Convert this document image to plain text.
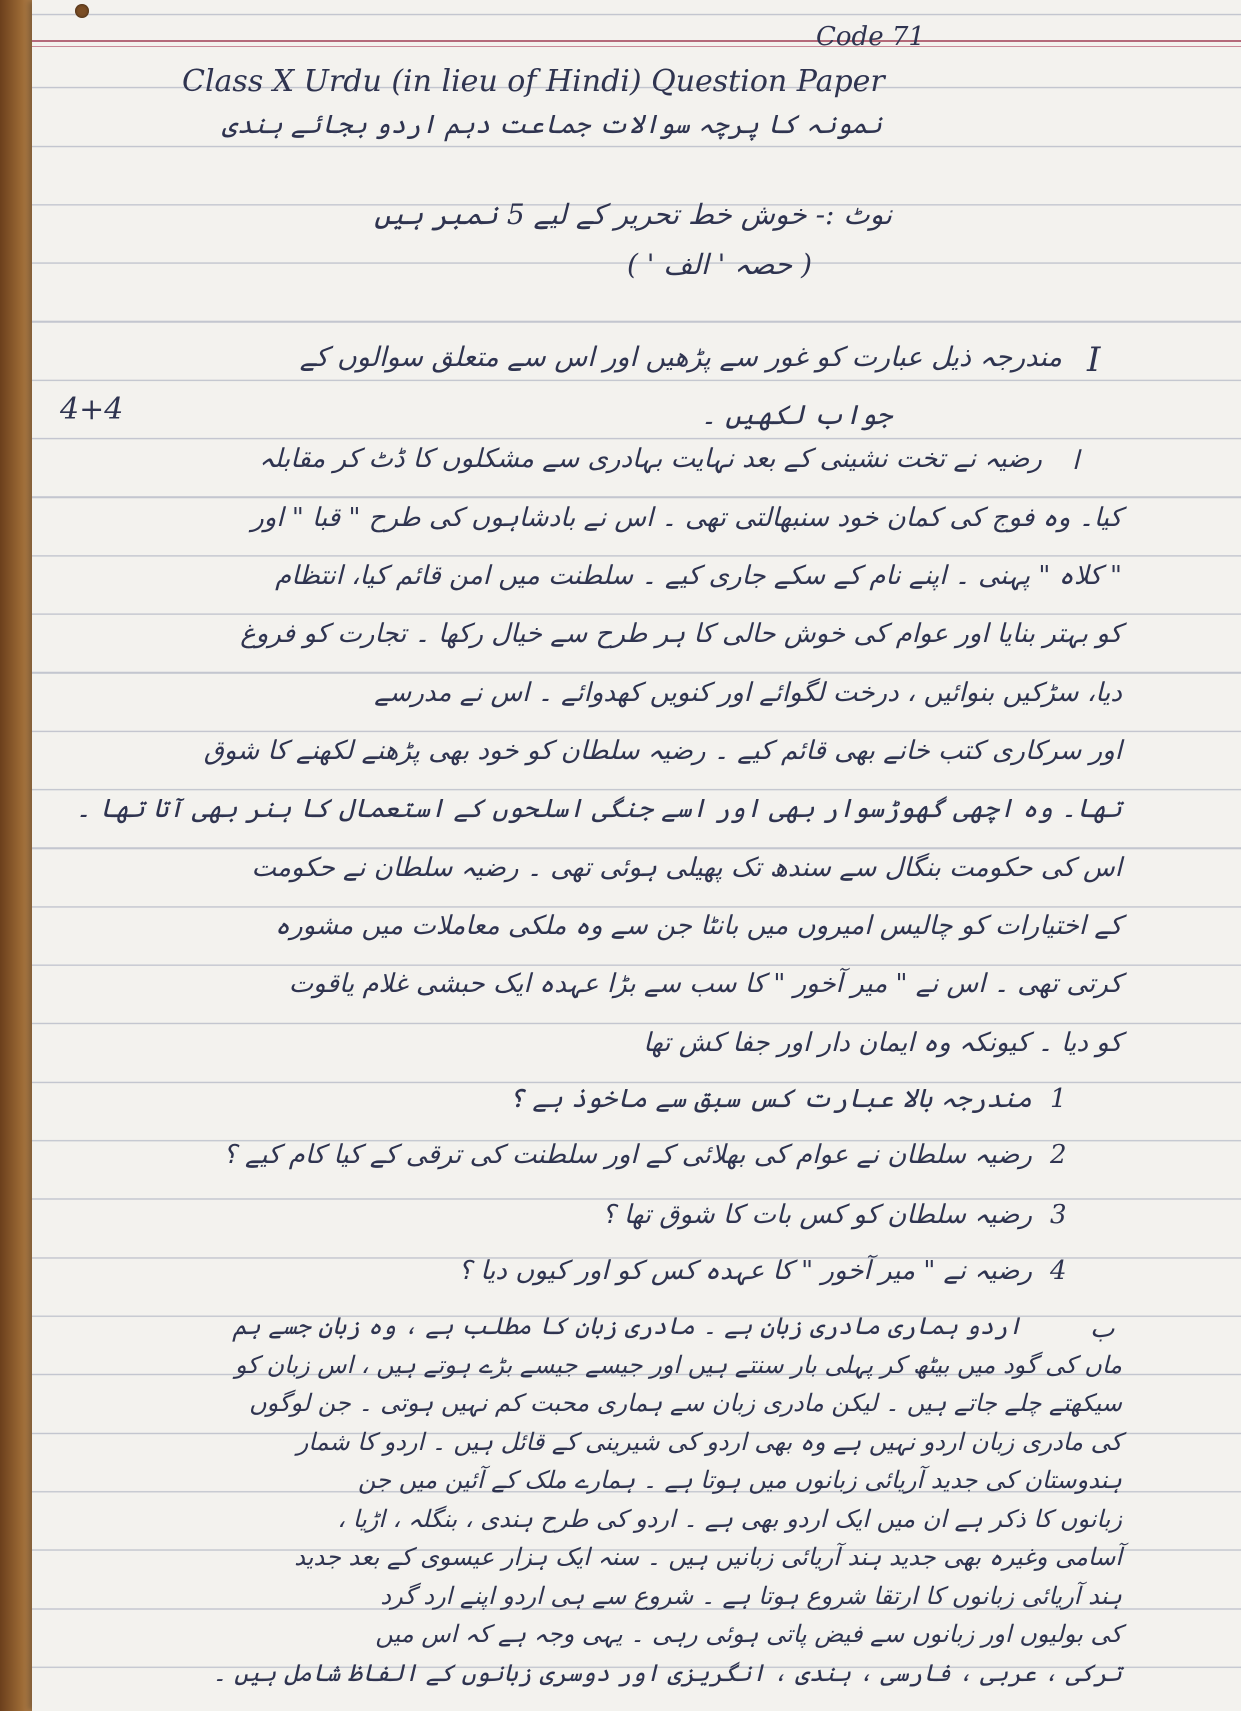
Code 71
Class X Urdu (in lieu of Hindi) Question Paper
نمونہ کا پرچہ سوالات جماعت دہم اردو بجائے ہندی
نوٹ :- خوش خط تحریر کے لیے 5 نمبر ہیں
( حصہ ' الف ' )
I
مندرجہ ذیل عبارت کو غور سے پڑھیں اور اس سے متعلق سوالوں کے
4+4	جواب لکھیں ۔
ا
رضیہ نے تخت نشینی کے بعد نہایت بہادری سے مشکلوں کا ڈٹ کر مقابلہ
کیا۔ وہ فوج کی کمان خود سنبھالتی تھی ۔ اس نے بادشاہوں کی طرح " قبا " اور
" کلاہ " پہنی ۔ اپنے نام کے سکے جاری کیے ۔ سلطنت میں امن قائم کیا، انتظام
کو بہتر بنایا اور عوام کی خوش حالی کا ہر طرح سے خیال رکھا ۔ تجارت کو فروغ
دیا، سڑکیں بنوائیں ، درخت لگوائے اور کنویں کھدوائے ۔ اس نے مدرسے
اور سرکاری کتب خانے بھی قائم کیے ۔ رضیہ سلطان کو خود بھی پڑھنے لکھنے کا شوق
تھا۔ وہ اچھی گھوڑسوار بھی اور اسے جنگی اسلحوں کے استعمال کا ہنر بھی آتا تھا ۔
اس کی حکومت بنگال سے سندھ تک پھیلی ہوئی تھی ۔ رضیہ سلطان نے حکومت
کے اختیارات کو چالیس امیروں میں بانٹا جن سے وہ ملکی معاملات میں مشورہ
کرتی تھی ۔ اس نے " میر آخور " کا سب سے بڑا عہدہ ایک حبشی غلام یاقوت
کو دیا ۔ کیونکہ وہ ایمان دار اور جفا کش تھا
1
مندرجہ بالا عبارت کس سبق سے ماخوذ ہے ؟
2
رضیہ سلطان نے عوام کی بھلائی کے اور سلطنت کی ترقی کے کیا کام کیے ؟
3
رضیہ سلطان کو کس بات کا شوق تھا ؟
4
رضیہ نے " میر آخور " کا عہدہ کس کو اور کیوں دیا ؟
ب
اردو ہماری مادری زبان ہے ۔ مادری زبان کا مطلب ہے ، وہ زبان جسے ہم
ماں کی گود میں بیٹھ کر پہلی بار سنتے ہیں اور جیسے جیسے بڑے ہوتے ہیں ، اس زبان کو
سیکھتے چلے جاتے ہیں ۔ لیکن مادری زبان سے ہماری محبت کم نہیں ہوتی ۔ جن لوگوں
کی مادری زبان اردو نہیں ہے وہ بھی اردو کی شیرینی کے قائل ہیں ۔ اردو کا شمار
ہندوستان کی جدید آریائی زبانوں میں ہوتا ہے ۔ ہمارے ملک کے آئین میں جن
زبانوں کا ذکر ہے ان میں ایک اردو بھی ہے ۔ اردو کی طرح ہندی ، بنگلہ ، اڑیا ،
آسامی وغیرہ بھی جدید ہند آریائی زبانیں ہیں ۔ سنہ ایک ہزار عیسوی کے بعد جدید
ہند آریائی زبانوں کا ارتقا شروع ہوتا ہے ۔ شروع سے ہی اردو اپنے ارد گرد
کی بولیوں اور زبانوں سے فیض پاتی ہوئی رہی ۔ یہی وجہ ہے کہ اس میں
ترکی ، عربی ، فارسی ، ہندی ، انگریزی اور دوسری زبانوں کے الفاظ شامل ہیں ۔
